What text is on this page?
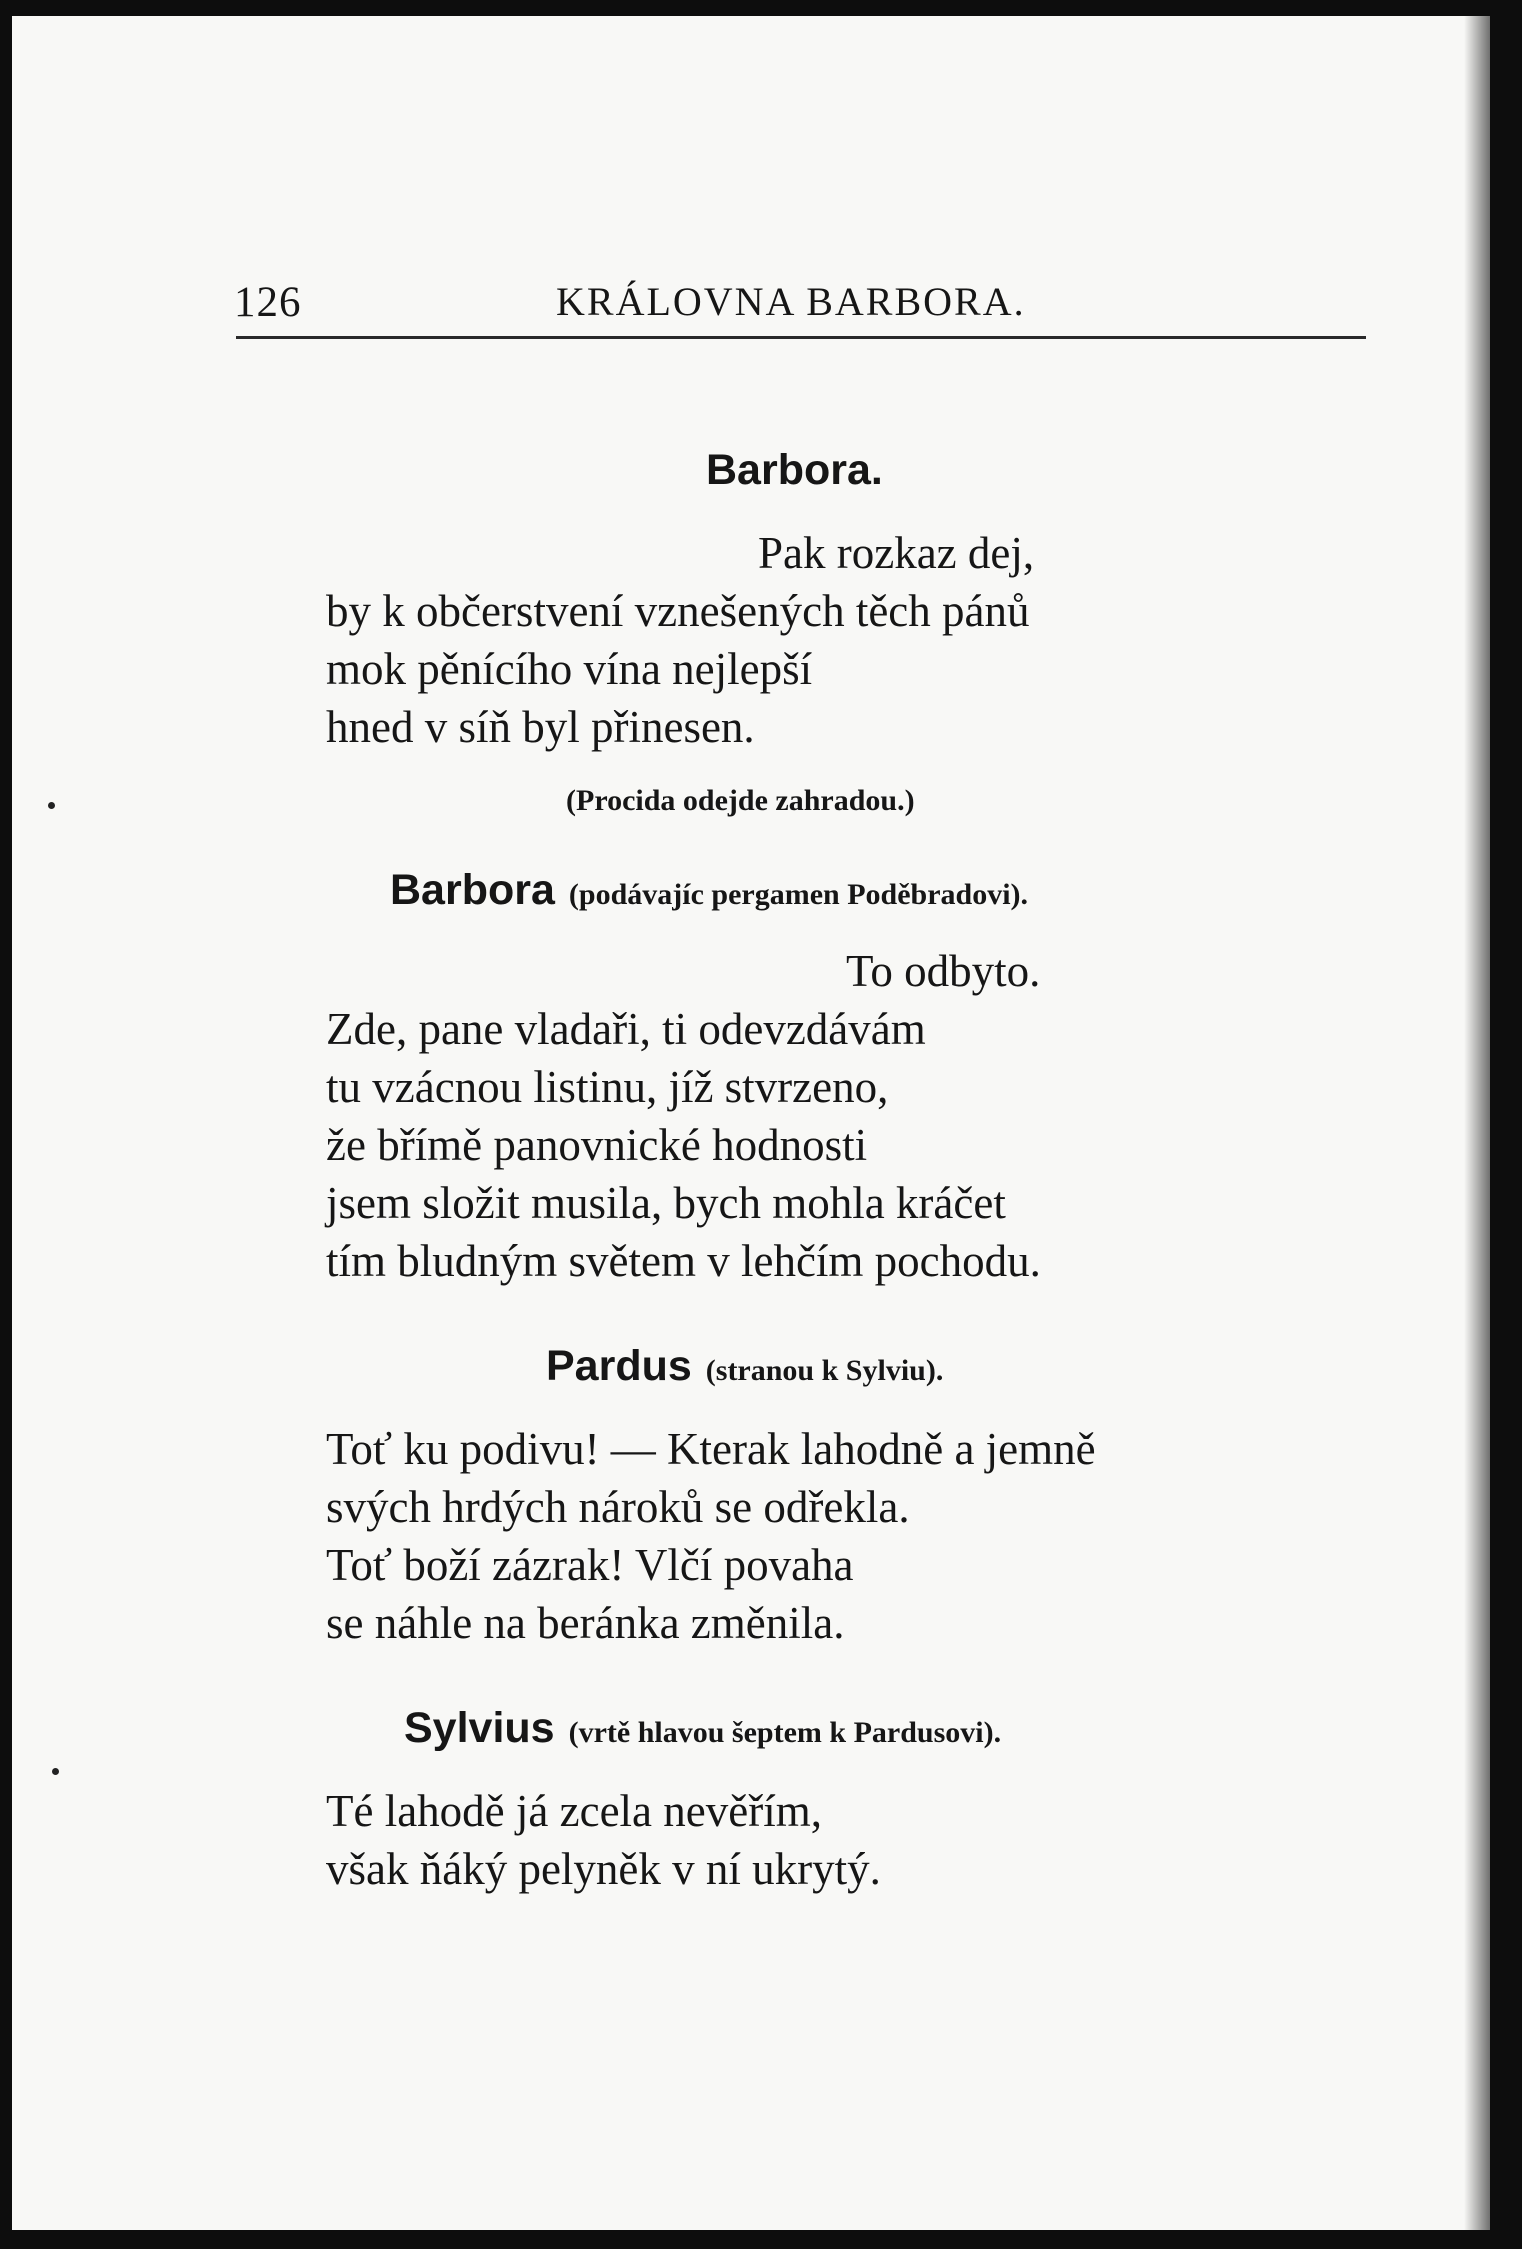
126	KRÁLOVNA BARBORA.
Barbora.
Pak rozkaz dej,
by k občerstvení vznešených těch pánů
mok pěnícího vína nejlepší
hned v síň byl přinesen.
(Procida odejde zahradou.)
Barbora (podávajíc pergamen Poděbradovi).
To odbyto.
Zde, pane vladaři, ti odevzdávám
tu vzácnou listinu, jíž stvrzeno,
že břímě panovnické hodnosti
jsem složit musila, bych mohla kráčet
tím bludným světem v lehčím pochodu.
Pardus (stranou k Sylviu).
Toť ku podivu! — Kterak lahodně a jemně
svých hrdých nároků se odřekla.
Toť boží zázrak! Vlčí povaha
se náhle na beránka změnila.
Sylvius (vrtě hlavou šeptem k Pardusovi).
Té lahodě já zcela nevěřím,
však ňáký pelyněk v ní ukrytý.
